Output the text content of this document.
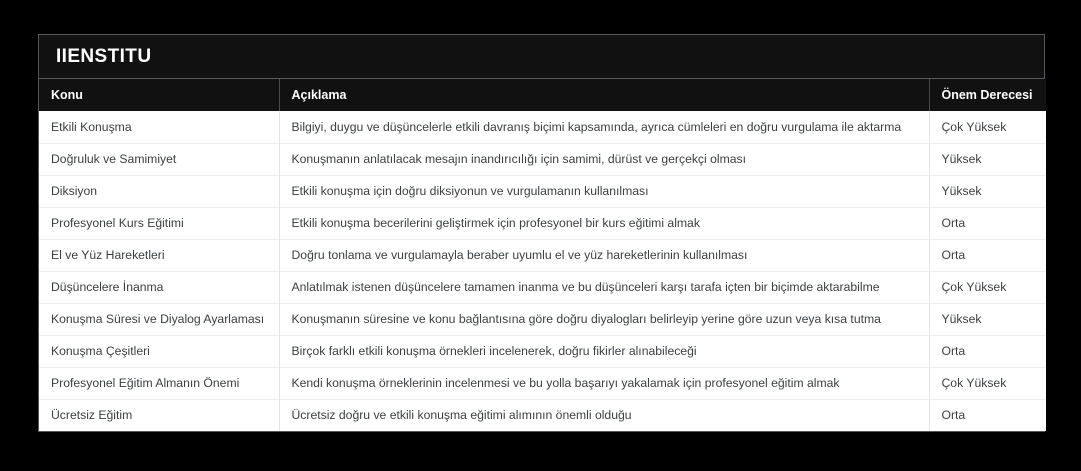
IIENSTITU
Konu	Açıklama	Önem Derecesi
Etkili Konuşma	Bilgiyi, duygu ve düşüncelerle etkili davranış biçimi kapsamında, ayrıca cümleleri en doğru vurgulama ile aktarma	Çok Yüksek
Doğruluk ve Samimiyet	Konuşmanın anlatılacak mesajın inandırıcılığı için samimi, dürüst ve gerçekçi olması	Yüksek
Diksiyon	Etkili konuşma için doğru diksiyonun ve vurgulamanın kullanılması	Yüksek
Profesyonel Kurs Eğitimi	Etkili konuşma becerilerini geliştirmek için profesyonel bir kurs eğitimi almak	Orta
El ve Yüz Hareketleri	Doğru tonlama ve vurgulamayla beraber uyumlu el ve yüz hareketlerinin kullanılması	Orta
Düşüncelere İnanma	Anlatılmak istenen düşüncelere tamamen inanma ve bu düşünceleri karşı tarafa içten bir biçimde aktarabilme	Çok Yüksek
Konuşma Süresi ve Diyalog Ayarlaması	Konuşmanın süresine ve konu bağlantısına göre doğru diyalogları belirleyip yerine göre uzun veya kısa tutma	Yüksek
Konuşma Çeşitleri	Birçok farklı etkili konuşma örnekleri incelenerek, doğru fikirler alınabileceği	Orta
Profesyonel Eğitim Almanın Önemi	Kendi konuşma örneklerinin incelenmesi ve bu yolla başarıyı yakalamak için profesyonel eğitim almak	Çok Yüksek
Ücretsiz Eğitim	Ücretsiz doğru ve etkili konuşma eğitimi alımının önemli olduğu	Orta
